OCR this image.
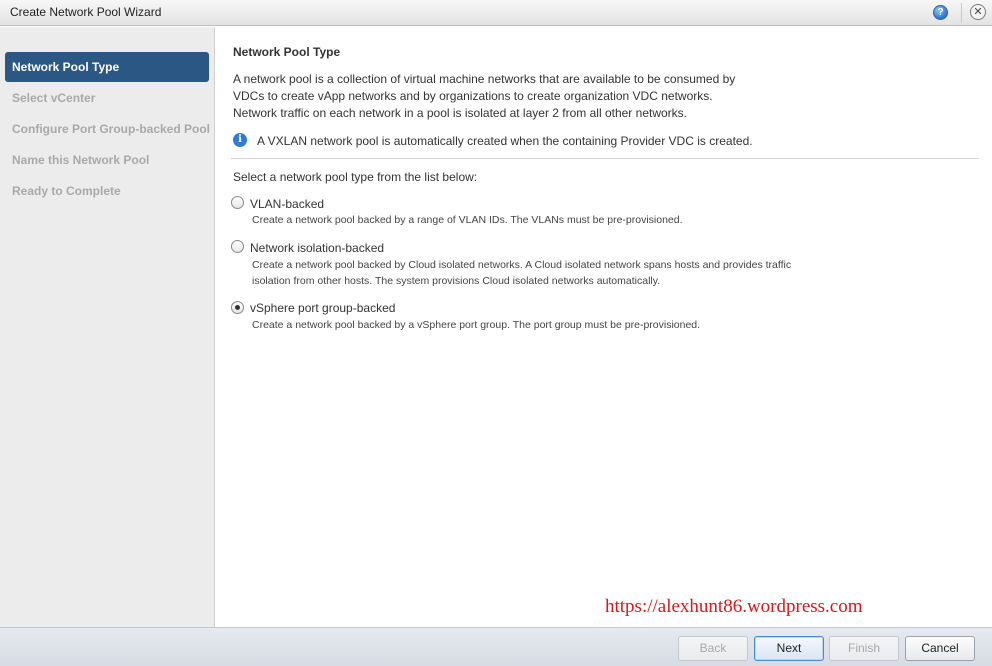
Create Network Pool Wizard	?	✕
Network Pool Type
Select vCenter
Configure Port Group-backed Pool
Name this Network Pool
Ready to Complete
Network Pool Type
A network pool is a collection of virtual machine networks that are available to be consumed by
VDCs to create vApp networks and by organizations to create organization VDC networks.
Network traffic on each network in a pool is isolated at layer 2 from all other networks.
i	A VXLAN network pool is automatically created when the containing Provider VDC is created.
Select a network pool type from the list below:
VLAN-backed
Create a network pool backed by a range of VLAN IDs. The VLANs must be pre-provisioned.
Network isolation-backed
Create a network pool backed by Cloud isolated networks. A Cloud isolated network spans hosts and provides traffic
isolation from other hosts. The system provisions Cloud isolated networks automatically.
vSphere port group-backed
Create a network pool backed by a vSphere port group. The port group must be pre-provisioned.
https://alexhunt86.wordpress.com
Back	Next	Finish	Cancel
